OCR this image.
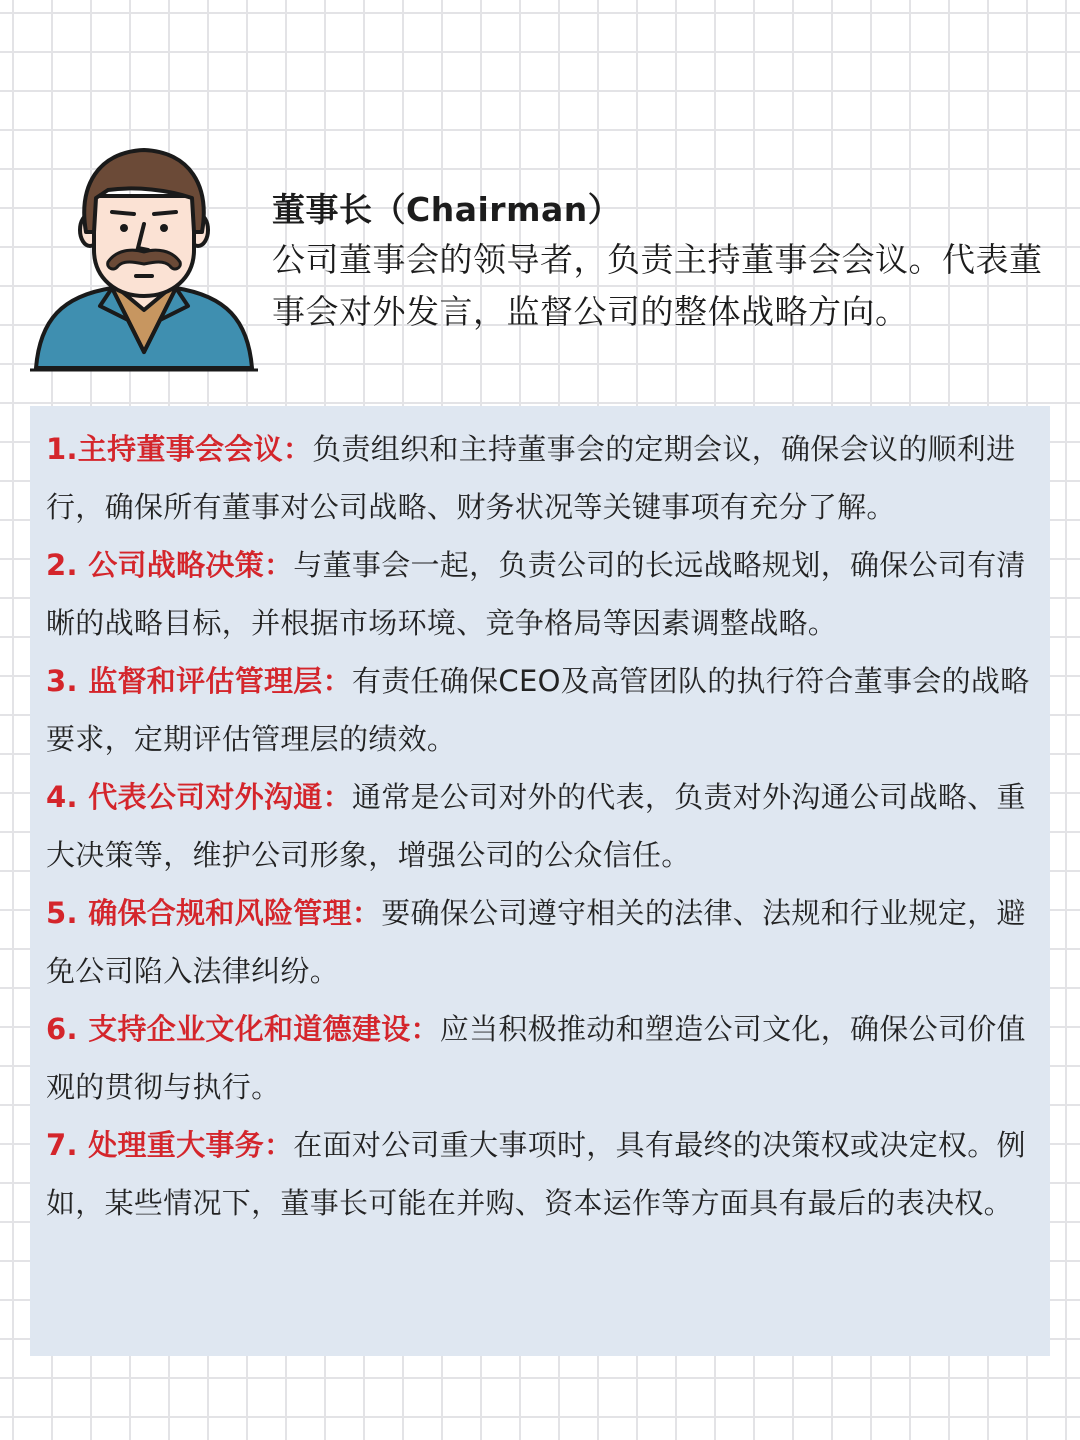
董事长（Chairman）
公司董事会的领导者，负责主持董事会会议。代表董事会对外发言，监督公司的整体战略方向。
1.主持董事会会议：负责组织和主持董事会的定期会议，确保会议的顺利进行，确保所有董事对公司战略、财务状况等关键事项有充分了解。
2. 公司战略决策：与董事会一起，负责公司的长远战略规划，确保公司有清晰的战略目标，并根据市场环境、竞争格局等因素调整战略。
3. 监督和评估管理层：有责任确保CEO及高管团队的执行符合董事会的战略要求，定期评估管理层的绩效。
4. 代表公司对外沟通：通常是公司对外的代表，负责对外沟通公司战略、重大决策等，维护公司形象，增强公司的公众信任。
5. 确保合规和风险管理：要确保公司遵守相关的法律、法规和行业规定，避免公司陷入法律纠纷。
6. 支持企业文化和道德建设：应当积极推动和塑造公司文化，确保公司价值观的贯彻与执行。
7. 处理重大事务：在面对公司重大事项时，具有最终的决策权或决定权。例如，某些情况下，董事长可能在并购、资本运作等方面具有最后的表决权。
